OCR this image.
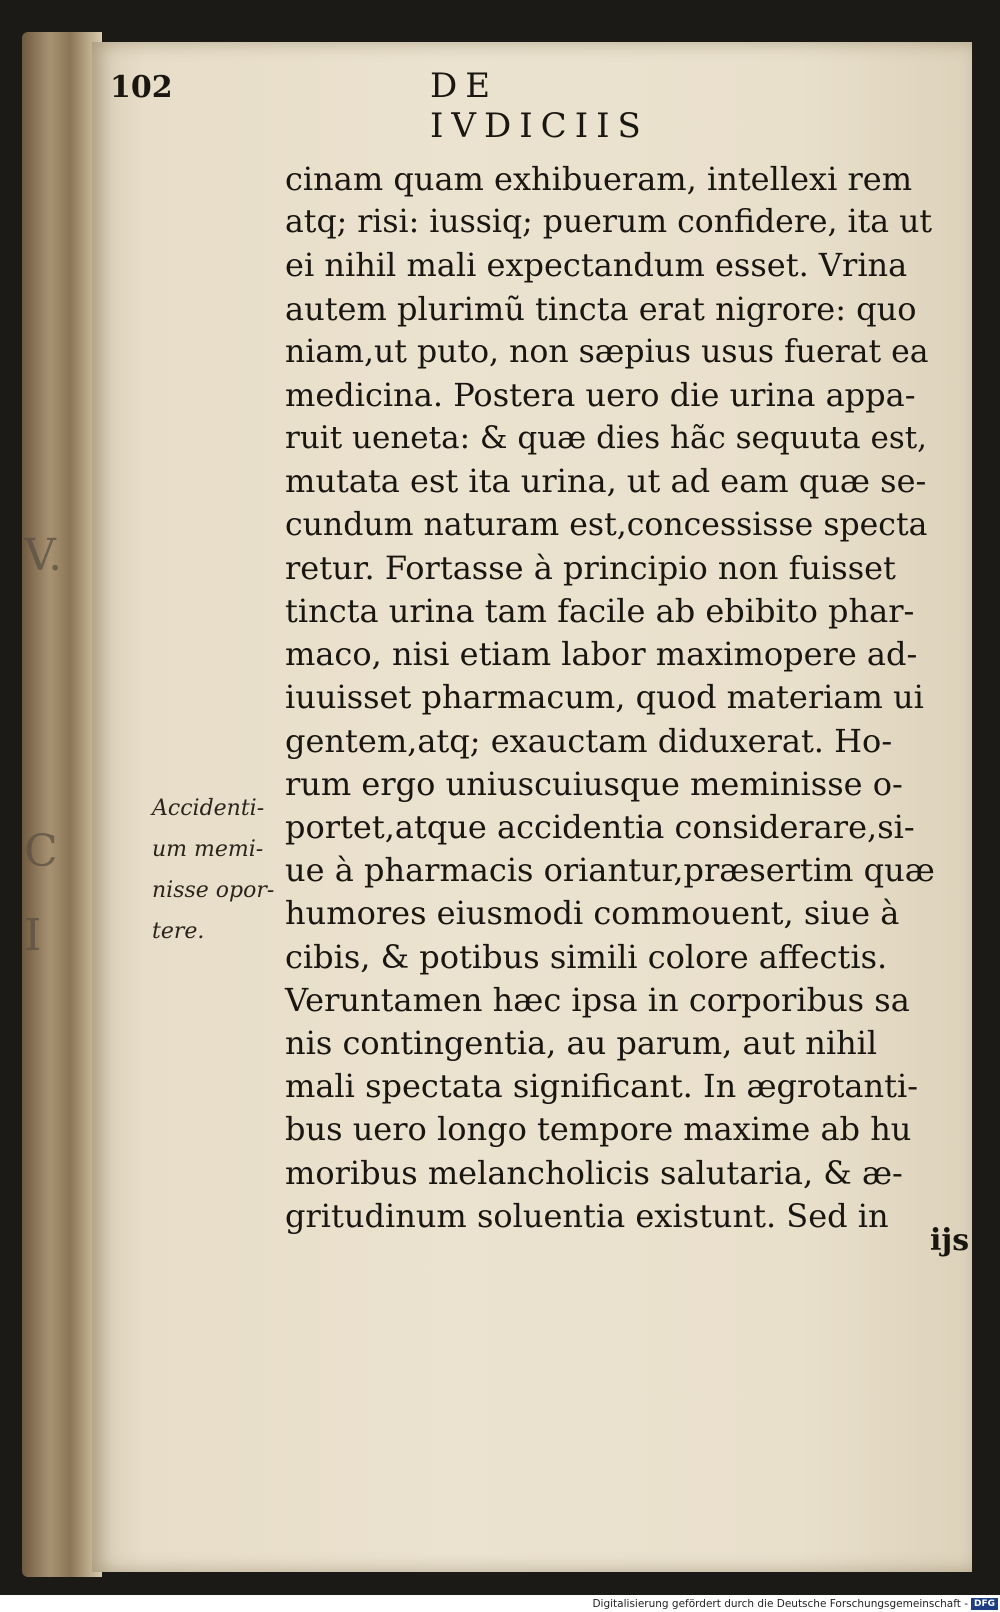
V.
C
I
102	DE IVDICIIS
cinam quam exhibueram, intellexi rem
atq; risi: iussiq; puerum confidere, ita ut
ei nihil mali expectandum esset. Vrina
autem plurimũ tincta erat nigrore: quo
niam,ut puto, non sæpius usus fuerat ea
medicina. Postera uero die urina appa-
ruit ueneta: & quæ dies hãc sequuta est,
mutata est ita urina, ut ad eam quæ se-
cundum naturam est,concessisse specta
retur. Fortasse à principio non fuisset
tincta urina tam facile ab ebibito phar-
maco, nisi etiam labor maximopere ad-
iuuisset pharmacum, quod materiam ui
gentem,atq; exauctam diduxerat. Ho-
rum ergo uniuscuiusque meminisse o-
portet,atque accidentia considerare,si-
ue à pharmacis oriantur,præsertim quæ
humores eiusmodi commouent, siue à
cibis, & potibus simili colore affectis.
Veruntamen hæc ipsa in corporibus sa
nis contingentia, au parum, aut nihil
mali spectata significant. In ægrotanti-
bus uero longo tempore maxime ab hu
moribus melancholicis salutaria, & æ-
gritudinum soluentia existunt. Sed in
Accidenti-
um memi-
nisse opor-
tere.
ijs
Digitalisierung gefördert durch die Deutsche Forschungsgemeinschaft - DFG
